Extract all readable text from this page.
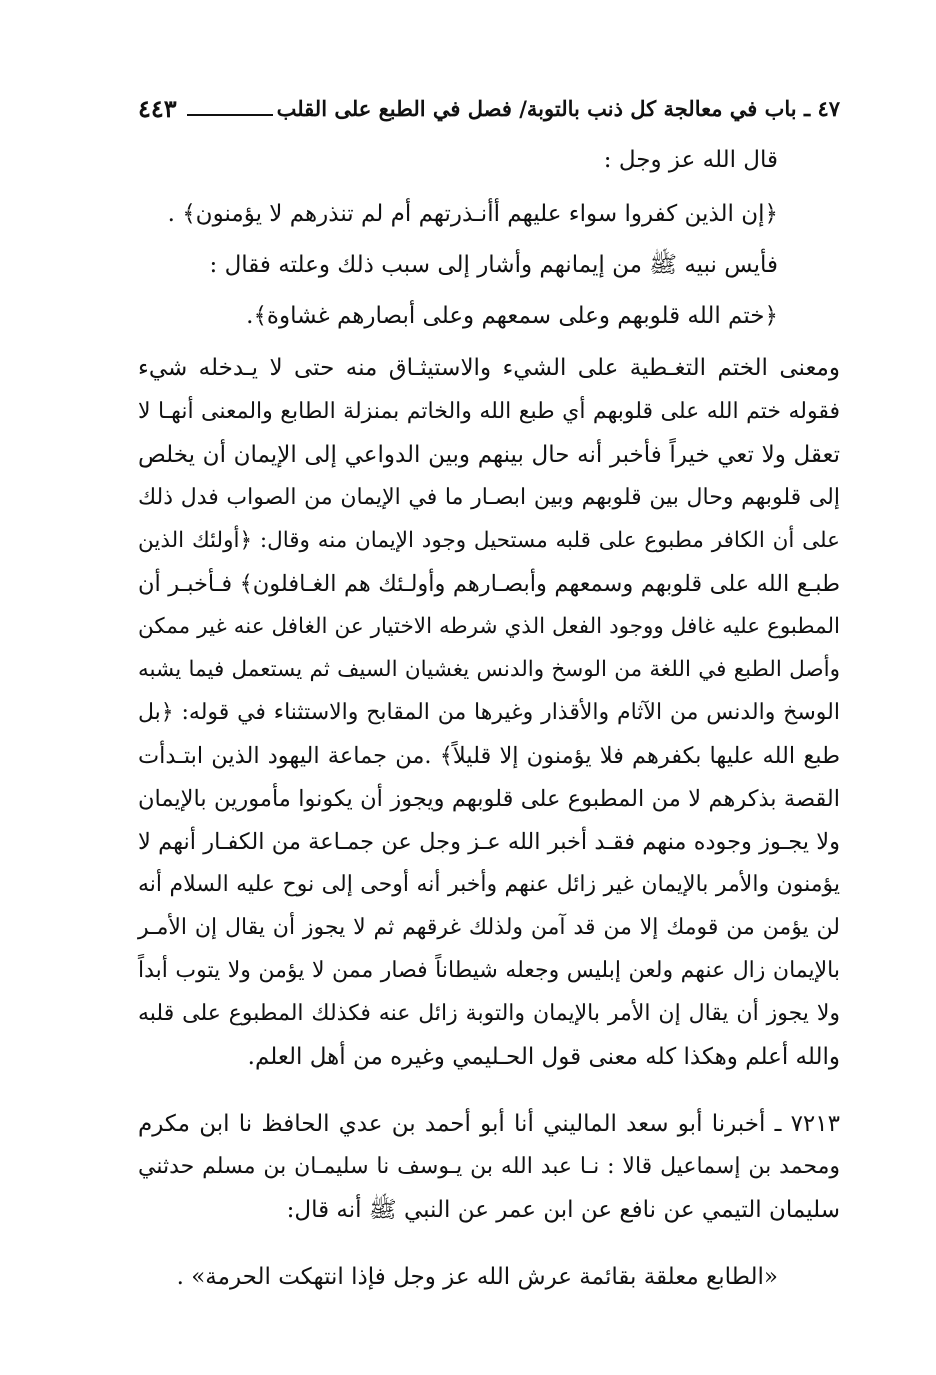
٤٧ ـ باب في معالجة كل ذنب بالتوبة/ فصل في الطبع على القلب
٤٤٣
قال الله عز وجل :
﴿إن الذين كفروا سواء عليهم أأنـذرتهم أم لم تنذرهم لا يؤمنون﴾ .
فأيس نبيه ﷺ من إيمانهم وأشار إلى سبب ذلك وعلته فقال :
﴿ختم الله قلوبهم وعلى سمعهم وعلى أبصارهم غشاوة﴾.
ومعنى الختم التغـطية على الشيء والاستيثـاق منه حتى لا يـدخله شيء
فقوله ختم الله على قلوبهم أي طبع الله والخاتم بمنزلة الطابع والمعنى أنهـا لا
تعقل ولا تعي خيراً فأخبر أنه حال بينهم وبين الدواعي إلى الإيمان أن يخلص
إلى قلوبهم وحال بين قلوبهم وبين ابصـار ما في الإيمان من الصواب فدل ذلك
على أن الكافر مطبوع على قلبه مستحيل وجود الإيمان منه وقال: ﴿أولئك الذين
طبـع الله على قلوبهم وسمعهم وأبصـارهم وأولـئك هم الغـافلون﴾ فـأخبـر أن
المطبوع عليه غافل ووجود الفعل الذي شرطه الاختيار عن الغافل عنه غير ممكن
وأصل الطبع في اللغة من الوسخ والدنس يغشيان السيف ثم يستعمل فيما يشبه
الوسخ والدنس من الآثام والأقذار وغيرها من المقابح والاستثناء في قوله: ﴿بل
طبع الله عليها بكفرهم فلا يؤمنون إلا قليلاً﴾ .من جماعة اليهود الذين ابتـدأت
القصة بذكرهم لا من المطبوع على قلوبهم ويجوز أن يكونوا مأمورين بالإيمان
ولا يجـوز وجوده منهم فقـد أخبر الله عـز وجل عن جمـاعة من الكفـار أنهم لا
يؤمنون والأمر بالإيمان غير زائل عنهم وأخبر أنه أوحى إلى نوح عليه السلام أنه
لن يؤمن من قومك إلا من قد آمن ولذلك غرقهم ثم لا يجوز أن يقال إن الأمـر
بالإيمان زال عنهم ولعن إبليس وجعله شيطاناً فصار ممن لا يؤمن ولا يتوب أبداً
ولا يجوز أن يقال إن الأمر بالإيمان والتوبة زائل عنه فكذلك المطبوع على قلبه
والله أعلم وهكذا كله معنى قول الحـليمي وغيره من أهل العلم.
٧٢١٣ ـ أخبرنا أبو سعد الماليني أنا أبو أحمد بن عدي الحافظ نا ابن مكرم
ومحمد بن إسماعيل قالا : نـا عبد الله بن يـوسف نا سليمـان بن مسلم حدثني
سليمان التيمي عن نافع عن ابن عمر عن النبي ﷺ أنه قال:
«الطابع معلقة بقائمة عرش الله عز وجل فإذا انتهكت الحرمة» .
